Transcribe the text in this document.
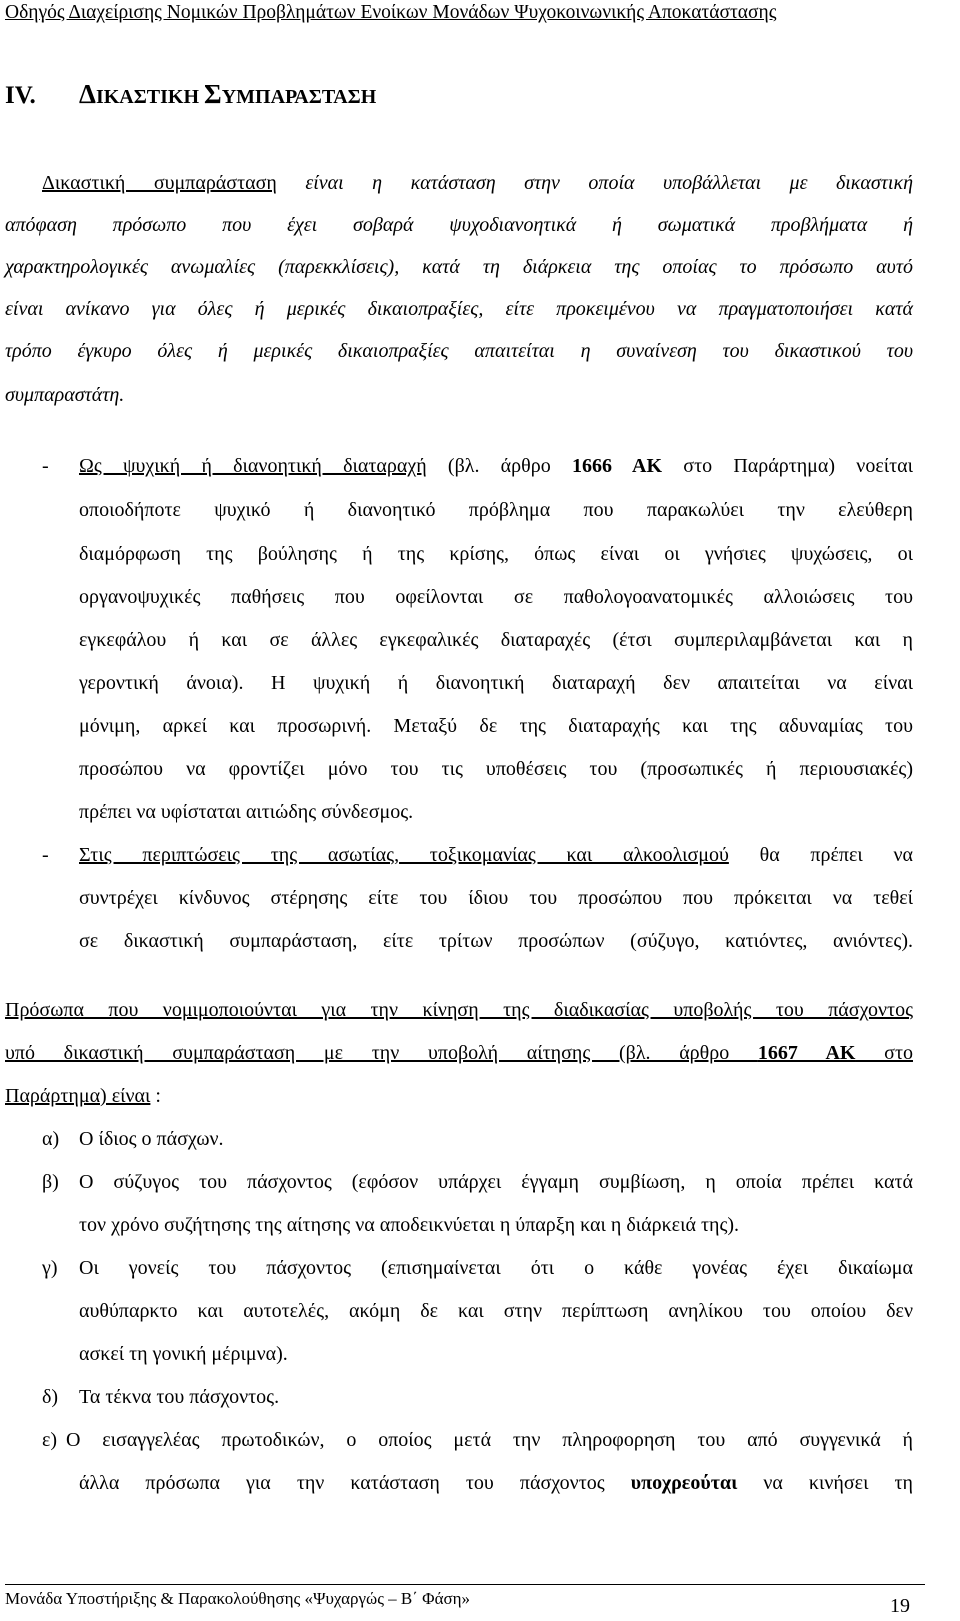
Οδηγός Διαχείρισης Νομικών Προβλημάτων Ενοίκων Μονάδων Ψυχοκοινωνικής Αποκατάστασης
IV. ΔΙΚΑΣΤΙΚΗ ΣΥΜΠΑΡΑΣΤΑΣΗ
Δικαστική συμπαράσταση είναι η κατάσταση στην οποία υποβάλλεται με δικαστική
απόφαση πρόσωπο που έχει σοβαρά ψυχοδιανοητικά ή σωματικά προβλήματα ή
χαρακτηρολογικές ανωμαλίες (παρεκκλίσεις), κατά τη διάρκεια της οποίας το πρόσωπο αυτό
είναι ανίκανο για όλες ή μερικές δικαιοπραξίες, είτε προκειμένου να πραγματοποιήσει κατά
τρόπο έγκυρο όλες ή μερικές δικαιοπραξίες απαιτείται η συναίνεση του δικαστικού του
συμπαραστάτη.
- Ως ψυχική ή διανοητική διαταραχή (βλ. άρθρο 1666 ΑΚ στο Παράρτημα) νοείται
οποιοδήποτε ψυχικό ή διανοητικό πρόβλημα που παρακωλύει την ελεύθερη
διαμόρφωση της βούλησης ή της κρίσης, όπως είναι οι γνήσιες ψυχώσεις, οι
οργανοψυχικές παθήσεις που οφείλονται σε παθολογοανατομικές αλλοιώσεις του
εγκεφάλου ή και σε άλλες εγκεφαλικές διαταραχές (έτσι συμπεριλαμβάνεται και η
γεροντική άνοια). Η ψυχική ή διανοητική διαταραχή δεν απαιτείται να είναι
μόνιμη, αρκεί και προσωρινή. Μεταξύ δε της διαταραχής και της αδυναμίας του
προσώπου να φροντίζει μόνο του τις υποθέσεις του (προσωπικές ή περιουσιακές)
πρέπει να υφίσταται αιτιώδης σύνδεσμος.
- Στις περιπτώσεις της ασωτίας, τοξικομανίας και αλκοολισμού θα πρέπει να
συντρέχει κίνδυνος στέρησης είτε του ίδιου του προσώπου που πρόκειται να τεθεί
σε δικαστική συμπαράσταση, είτε τρίτων προσώπων (σύζυγο, κατιόντες, ανιόντες).
Πρόσωπα που νομιμοποιούνται για την κίνηση της διαδικασίας υποβολής του πάσχοντος
υπό δικαστική συμπαράσταση με την υποβολή αίτησης (βλ. άρθρο 1667 ΑΚ στο
Παράρτημα) είναι :
α) Ο ίδιος ο πάσχων.
β) Ο σύζυγος του πάσχοντος (εφόσον υπάρχει έγγαμη συμβίωση, η οποία πρέπει κατά
τον χρόνο συζήτησης της αίτησης να αποδεικνύεται η ύπαρξη και η διάρκειά της).
γ) Οι γονείς του πάσχοντος (επισημαίνεται ότι ο κάθε γονέας έχει δικαίωμα
αυθύπαρκτο και αυτοτελές, ακόμη δε και στην περίπτωση ανηλίκου του οποίου δεν
ασκεί τη γονική μέριμνα).
δ) Τα τέκνα του πάσχοντος.
ε) Ο εισαγγελέας πρωτοδικών, ο οποίος μετά την πληροφορηση του από συγγενικά ή
άλλα πρόσωπα για την κατάσταση του πάσχοντος υποχρεούται να κινήσει τη
Μονάδα Υποστήριξης & Παρακολούθησης «Ψυχαργώς – Β΄ Φάση»	19
